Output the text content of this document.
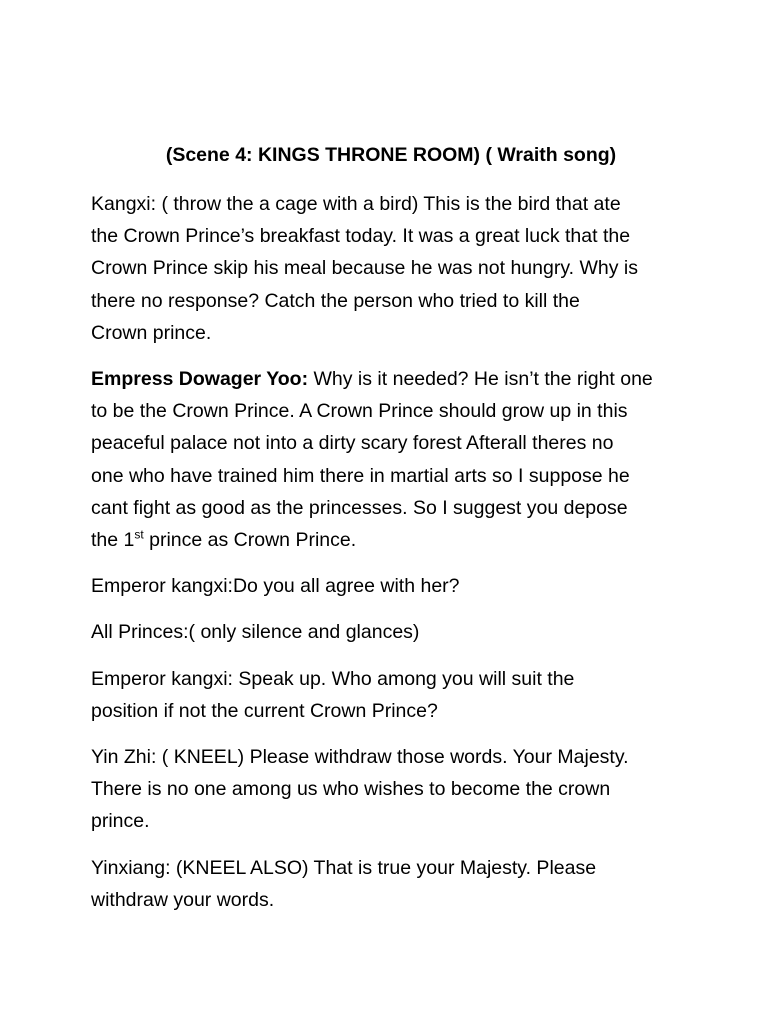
(Scene 4: KINGS THRONE ROOM) ( Wraith song)
Kangxi: ( throw the a cage with a bird) This is the bird that ate
the Crown Prince’s breakfast today. It was a great luck that the
Crown Prince skip his meal because he was not hungry. Why is
there no response? Catch the person who tried to kill the
Crown prince.
Empress Dowager Yoo: Why is it needed? He isn’t the right one
to be the Crown Prince. A Crown Prince should grow up in this
peaceful palace not into a dirty scary forest Afterall theres no
one who have trained him there in martial arts so I suppose he
cant fight as good as the princesses. So I suggest you depose
the 1st prince as Crown Prince.
Emperor kangxi:Do you all agree with her?
All Princes:( only silence and glances)
Emperor kangxi: Speak up. Who among you will suit the
position if not the current Crown Prince?
Yin Zhi: ( KNEEL) Please withdraw those words. Your Majesty.
There is no one among us who wishes to become the crown
prince.
Yinxiang: (KNEEL ALSO) That is true your Majesty. Please
withdraw your words.
